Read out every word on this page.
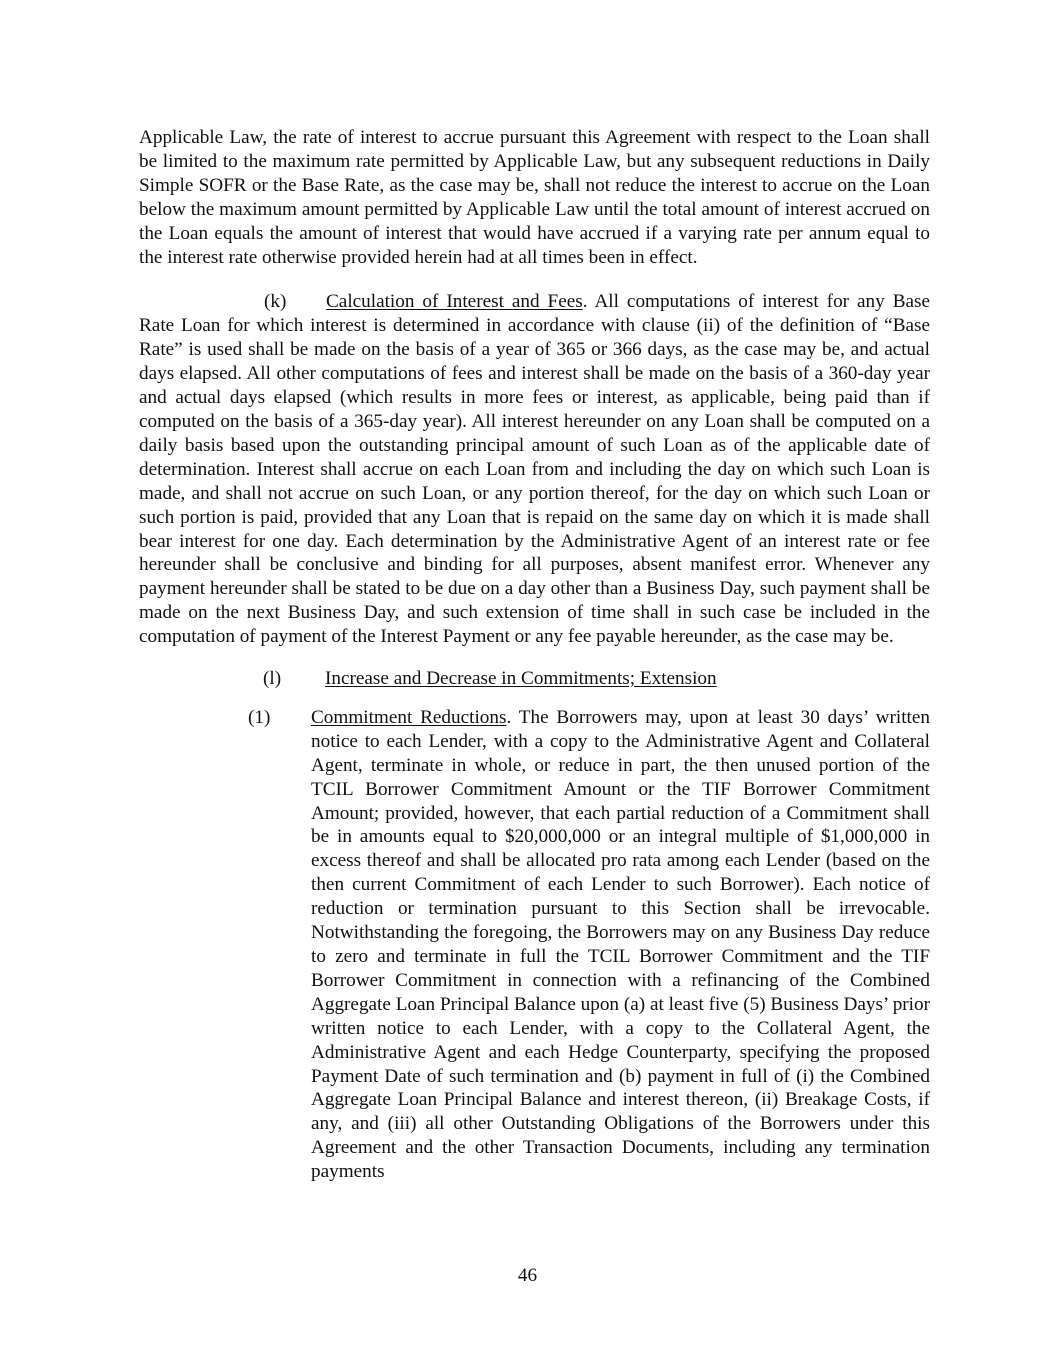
Applicable Law, the rate of interest to accrue pursuant this Agreement with respect to the Loan shall be limited to the maximum rate permitted by Applicable Law, but any subsequent reductions in Daily Simple SOFR or the Base Rate, as the case may be, shall not reduce the interest to accrue on the Loan below the maximum amount permitted by Applicable Law until the total amount of interest accrued on the Loan equals the amount of interest that would have accrued if a varying rate per annum equal to the interest rate otherwise provided herein had at all times been in effect.

(k) Calculation of Interest and Fees. All computations of interest for any Base Rate Loan for which interest is determined in accordance with clause (ii) of the definition of “Base Rate” is used shall be made on the basis of a year of 365 or 366 days, as the case may be, and actual days elapsed. All other computations of fees and interest shall be made on the basis of a 360-day year and actual days elapsed (which results in more fees or interest, as applicable, being paid than if computed on the basis of a 365-day year). All interest hereunder on any Loan shall be computed on a daily basis based upon the outstanding principal amount of such Loan as of the applicable date of determination. Interest shall accrue on each Loan from and including the day on which such Loan is made, and shall not accrue on such Loan, or any portion thereof, for the day on which such Loan or such portion is paid, provided that any Loan that is repaid on the same day on which it is made shall bear interest for one day. Each determination by the Administrative Agent of an interest rate or fee hereunder shall be conclusive and binding for all purposes, absent manifest error. Whenever any payment hereunder shall be stated to be due on a day other than a Business Day, such payment shall be made on the next Business Day, and such extension of time shall in such case be included in the computation of payment of the Interest Payment or any fee payable hereunder, as the case may be.

(l) Increase and Decrease in Commitments; Extension

(1) Commitment Reductions. The Borrowers may, upon at least 30 days’ written notice to each Lender, with a copy to the Administrative Agent and Collateral Agent, terminate in whole, or reduce in part, the then unused portion of the TCIL Borrower Commitment Amount or the TIF Borrower Commitment Amount; provided, however, that each partial reduction of a Commitment shall be in amounts equal to $20,000,000 or an integral multiple of $1,000,000 in excess thereof and shall be allocated pro rata among each Lender (based on the then current Commitment of each Lender to such Borrower). Each notice of reduction or termination pursuant to this Section shall be irrevocable. Notwithstanding the foregoing, the Borrowers may on any Business Day reduce to zero and terminate in full the TCIL Borrower Commitment and the TIF Borrower Commitment in connection with a refinancing of the Combined Aggregate Loan Principal Balance upon (a) at least five (5) Business Days’ prior written notice to each Lender, with a copy to the Collateral Agent, the Administrative Agent and each Hedge Counterparty, specifying the proposed Payment Date of such termination and (b) payment in full of (i) the Combined Aggregate Loan Principal Balance and interest thereon, (ii) Breakage Costs, if any, and (iii) all other Outstanding Obligations of the Borrowers under this Agreement and the other Transaction Documents, including any termination payments

46
